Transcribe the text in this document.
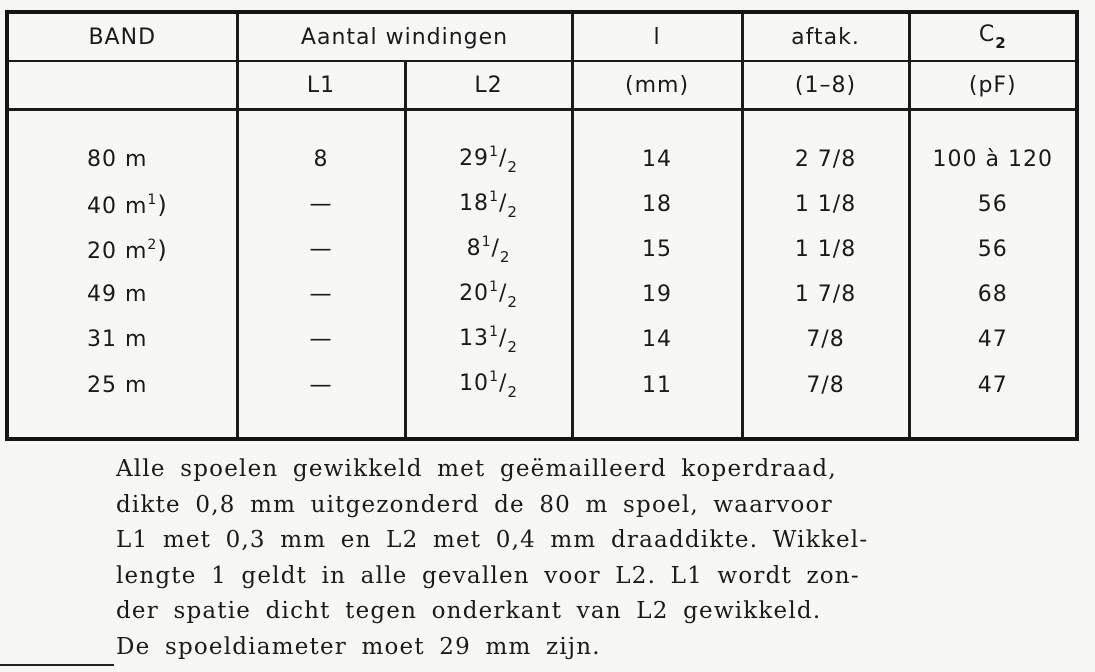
BAND	Aantal windingen		l	aftak.	$C_2$
	L1	L2	(mm)	(1–8)	(pF)

80 m	8	$29^1/_2$	14	2 7/8	100 à 120
40 $m^1$)	—	$18^1/_2$	18	1 1/8	56
20 $m^2$)	—	$8^1/_2$	15	1 1/8	56
49 m	—	$20^1/_2$	19	1 7/8	68
31 m	—	$13^1/_2$	14	7/8	47
25 m	—	$10^1/_2$	11	7/8	47

Alle spoelen gewikkeld met geëmailleerd koperdraad,
dikte 0,8 mm uitgezonderd de 80 m spoel, waarvoor
L1 met 0,3 mm en L2 met 0,4 mm draaddikte. Wikkel-
lengte 1 geldt in alle gevallen voor L2. L1 wordt zon-
der spatie dicht tegen onderkant van L2 gewikkeld.
De spoeldiameter moet 29 mm zijn.
